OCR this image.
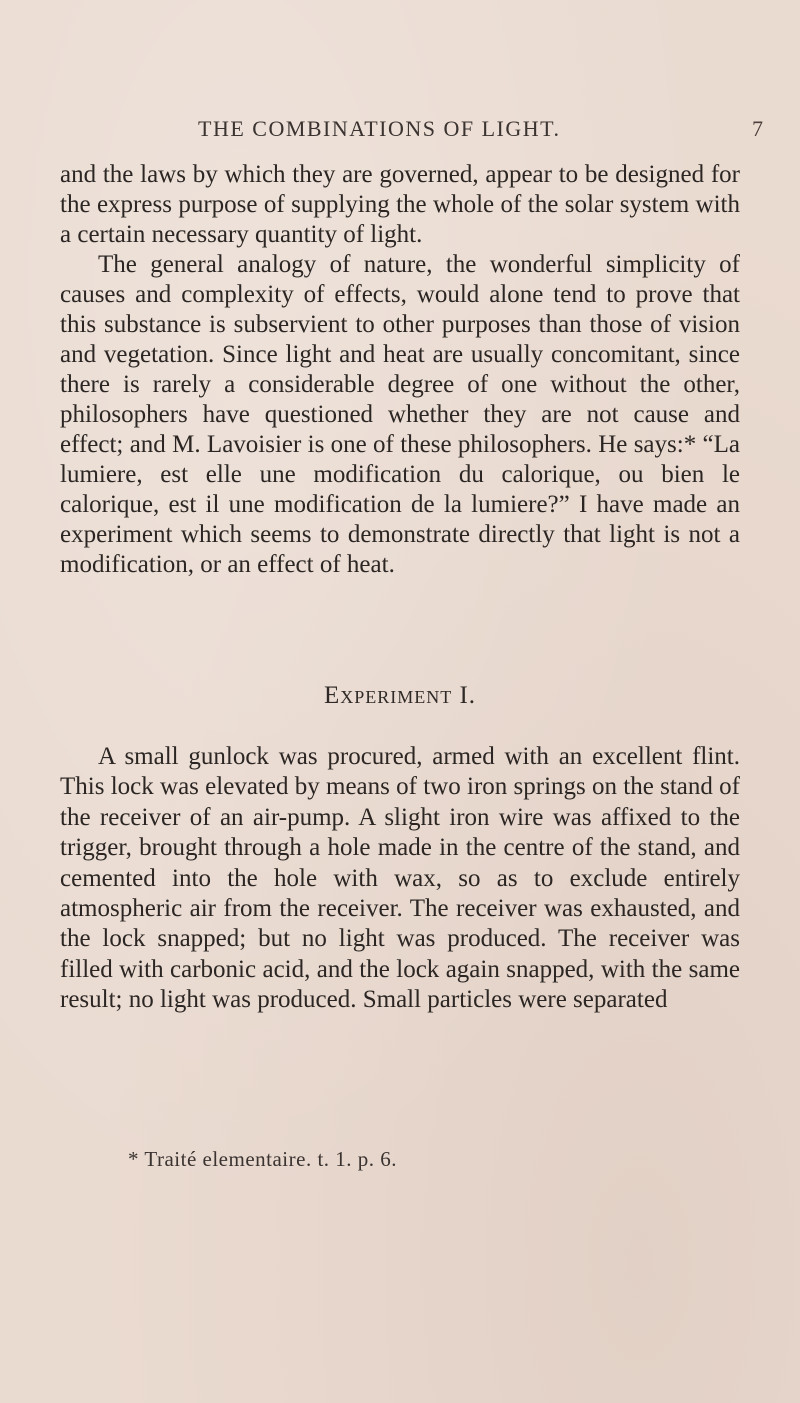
THE COMBINATIONS OF LIGHT.	7

and the laws by which they are governed, appear to be designed for the express purpose of supplying the whole of the solar system with a certain necessary quantity of light.

The general analogy of nature, the wonderful simplicity of causes and complexity of effects, would alone tend to prove that this substance is subservient to other purposes than those of vision and vegetation. Since light and heat are usually concomitant, since there is rarely a considerable degree of one without the other, philosophers have questioned whether they are not cause and effect; and M. Lavoisier is one of these philosophers. He says:* “La lumiere, est elle une modification du calorique, ou bien le calorique, est il une modification de la lumiere?” I have made an experiment which seems to demonstrate directly that light is not a modification, or an effect of heat.

Experiment I.
A small gunlock was procured, armed with an excellent flint. This lock was elevated by means of two iron springs on the stand of the receiver of an air-pump. A slight iron wire was affixed to the trigger, brought through a hole made in the centre of the stand, and cemented into the hole with wax, so as to exclude entirely atmospheric air from the receiver. The receiver was exhausted, and the lock snapped; but no light was produced. The receiver was filled with carbonic acid, and the lock again snapped, with the same result; no light was produced. Small particles were separated
* Traité elementaire. t. 1. p. 6.
